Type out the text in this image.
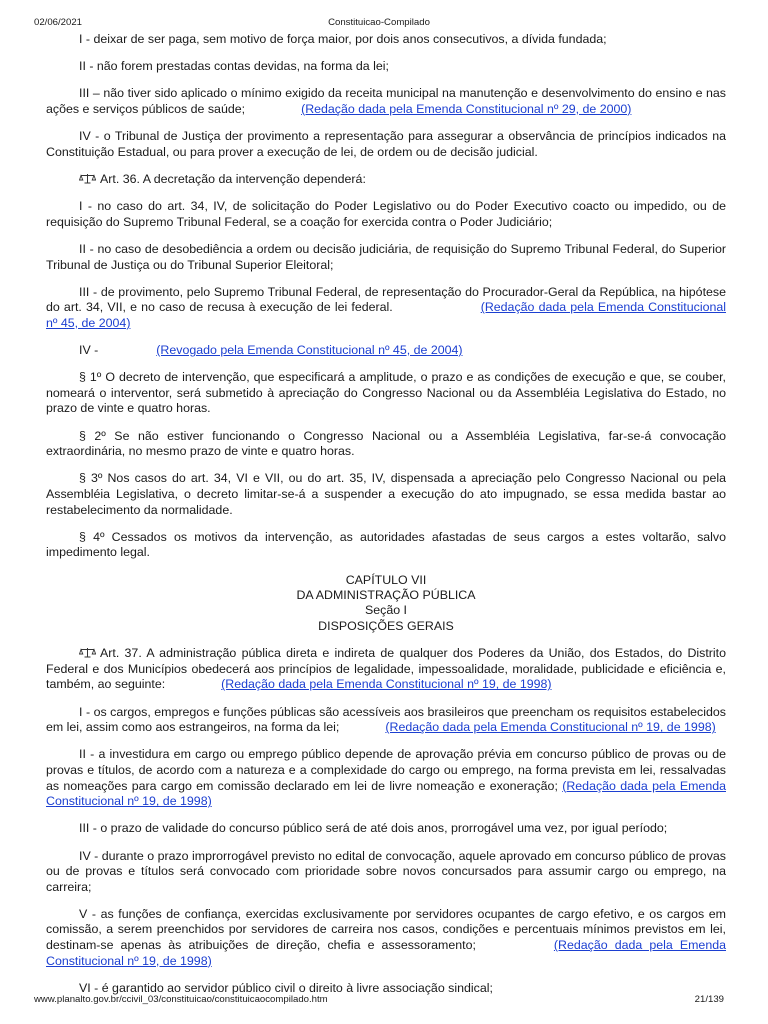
02/06/2021	Constituicao-Compilado

I - deixar de ser paga, sem motivo de força maior, por dois anos consecutivos, a dívida fundada;

II - não forem prestadas contas devidas, na forma da lei;

III – não tiver sido aplicado o mínimo exigido da receita municipal na manutenção e desenvolvimento do ensino e nas ações e serviços públicos de saúde;	(Redação dada pela Emenda Constitucional nº 29, de 2000)

IV - o Tribunal de Justiça der provimento a representação para assegurar a observância de princípios indicados na Constituição Estadual, ou para prover a execução de lei, de ordem ou de decisão judicial.

Art. 36. A decretação da intervenção dependerá:

I - no caso do art. 34, IV, de solicitação do Poder Legislativo ou do Poder Executivo coacto ou impedido, ou de requisição do Supremo Tribunal Federal, se a coação for exercida contra o Poder Judiciário;

II - no caso de desobediência a ordem ou decisão judiciária, de requisição do Supremo Tribunal Federal, do Superior Tribunal de Justiça ou do Tribunal Superior Eleitoral;

III - de provimento, pelo Supremo Tribunal Federal, de representação do Procurador-Geral da República, na hipótese do art. 34, VII, e no caso de recusa à execução de lei federal.	(Redação dada pela Emenda Constitucional nº 45, de 2004)

IV -	(Revogado pela Emenda Constitucional nº 45, de 2004)

§ 1º O decreto de intervenção, que especificará a amplitude, o prazo e as condições de execução e que, se couber, nomeará o interventor, será submetido à apreciação do Congresso Nacional ou da Assembléia Legislativa do Estado, no prazo de vinte e quatro horas.

§ 2º Se não estiver funcionando o Congresso Nacional ou a Assembléia Legislativa, far-se-á convocação extraordinária, no mesmo prazo de vinte e quatro horas.

§ 3º Nos casos do art. 34, VI e VII, ou do art. 35, IV, dispensada a apreciação pelo Congresso Nacional ou pela Assembléia Legislativa, o decreto limitar-se-á a suspender a execução do ato impugnado, se essa medida bastar ao restabelecimento da normalidade.

§ 4º Cessados os motivos da intervenção, as autoridades afastadas de seus cargos a estes voltarão, salvo impedimento legal.

CAPÍTULO VII

DA ADMINISTRAÇÃO PÚBLICA

Seção I

DISPOSIÇÕES GERAIS

Art. 37. A administração pública direta e indireta de qualquer dos Poderes da União, dos Estados, do Distrito Federal e dos Municípios obedecerá aos princípios de legalidade, impessoalidade, moralidade, publicidade e eficiência e, também, ao seguinte:	(Redação dada pela Emenda Constitucional nº 19, de 1998)

I - os cargos, empregos e funções públicas são acessíveis aos brasileiros que preencham os requisitos estabelecidos em lei, assim como aos estrangeiros, na forma da lei;	(Redação dada pela Emenda Constitucional nº 19, de 1998)

II - a investidura em cargo ou emprego público depende de aprovação prévia em concurso público de provas ou de provas e títulos, de acordo com a natureza e a complexidade do cargo ou emprego, na forma prevista em lei, ressalvadas as nomeações para cargo em comissão declarado em lei de livre nomeação e exoneração; (Redação dada pela Emenda Constitucional nº 19, de 1998)

III - o prazo de validade do concurso público será de até dois anos, prorrogável uma vez, por igual período;

IV - durante o prazo improrrogável previsto no edital de convocação, aquele aprovado em concurso público de provas ou de provas e títulos será convocado com prioridade sobre novos concursados para assumir cargo ou emprego, na carreira;

V - as funções de confiança, exercidas exclusivamente por servidores ocupantes de cargo efetivo, e os cargos em comissão, a serem preenchidos por servidores de carreira nos casos, condições e percentuais mínimos previstos em lei, destinam-se apenas às atribuições de direção, chefia e assessoramento;	(Redação dada pela Emenda Constitucional nº 19, de 1998)

VI - é garantido ao servidor público civil o direito à livre associação sindical;

www.planalto.gov.br/ccivil_03/constituicao/constituicaocompilado.htm	21/139
